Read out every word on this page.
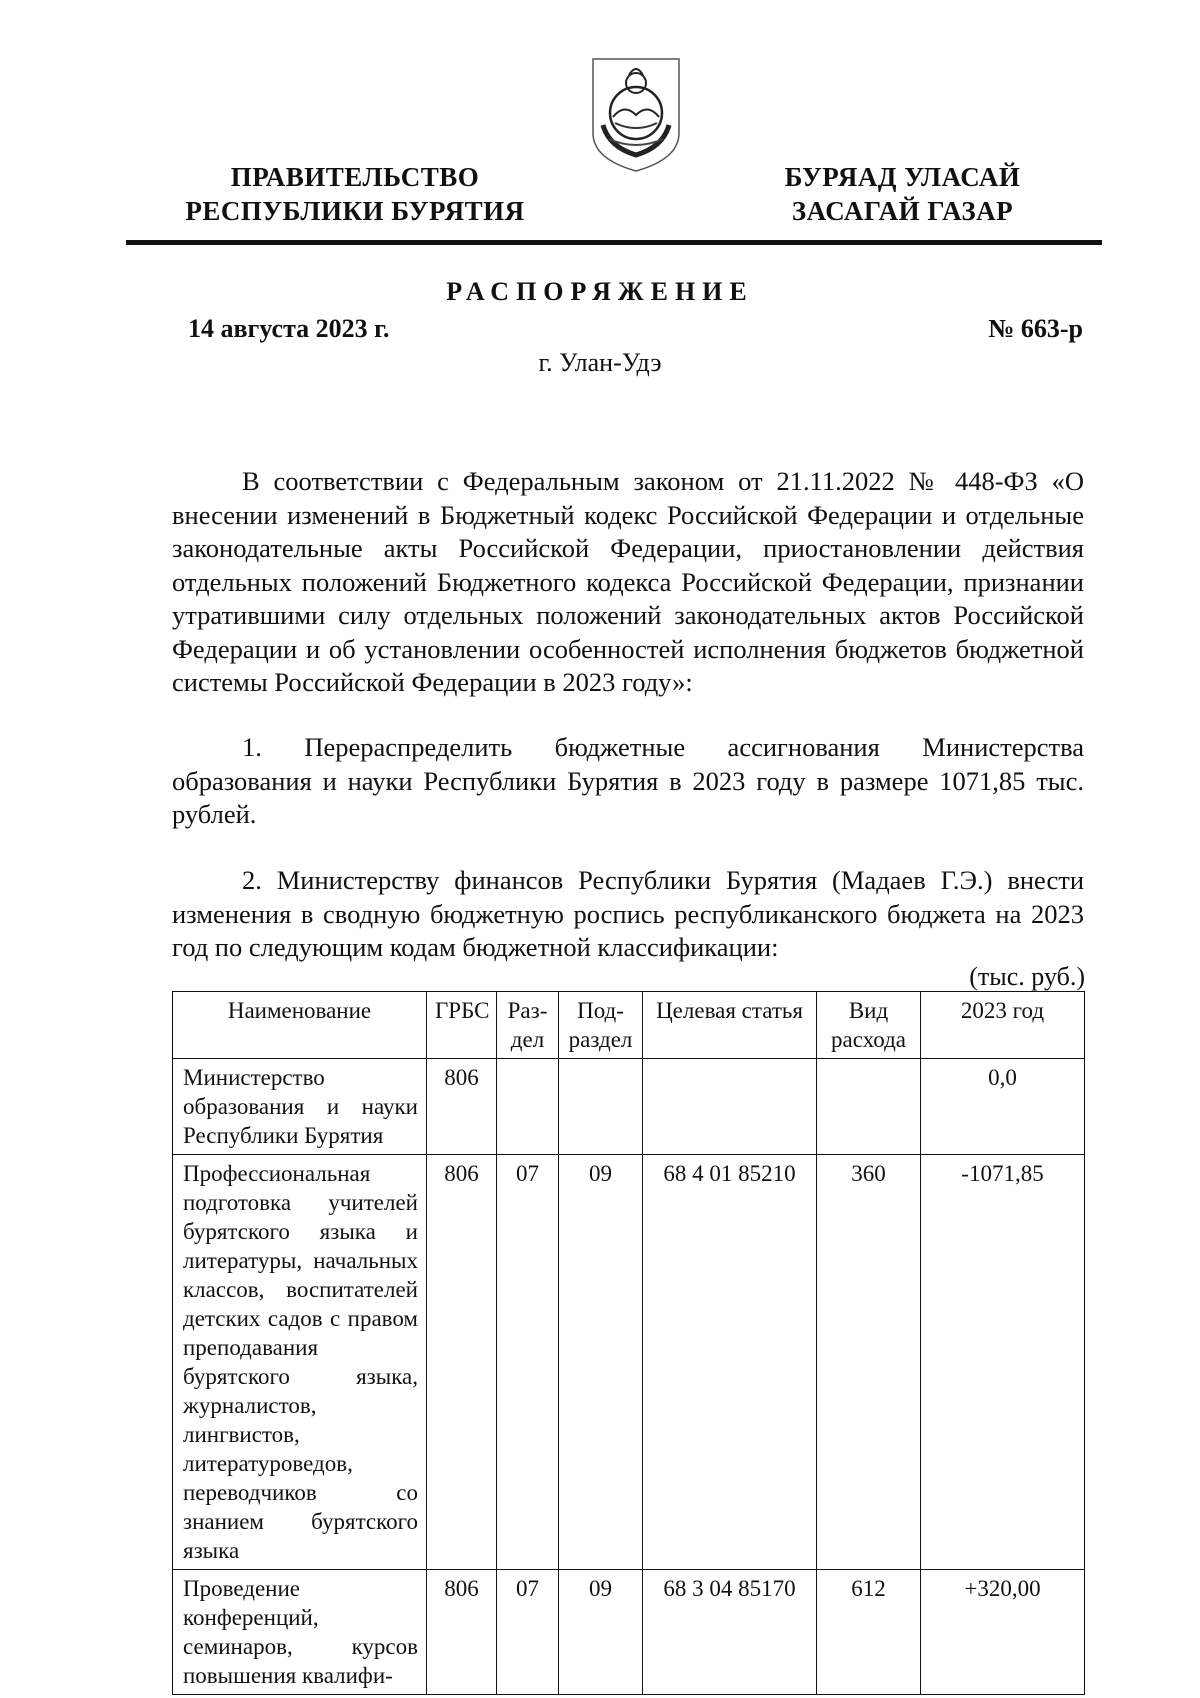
ПРАВИТЕЛЬСТВО
РЕСПУБЛИКИ БУРЯТИЯ
БУРЯАД УЛАСАЙ
ЗАСАГАЙ ГАЗАР
РАСПОРЯЖЕНИЕ
14 августа 2023 г.	№ 663-р
г. Улан-Удэ

В соответствии с Федеральным законом от 21.11.2022 № 448-ФЗ «О внесении изменений в Бюджетный кодекс Российской Федерации и отдельные законодательные акты Российской Федерации, приостановлении действия отдельных положений Бюджетного кодекса Российской Федерации, признании утратившими силу отдельных положений законодательных актов Российской Федерации и об установлении особенностей исполнения бюджетов бюджетной системы Российской Федерации в 2023 году»:

1. Перераспределить бюджетные ассигнования Министерства образования и науки Республики Бурятия в 2023 году в размере 1071,85 тыс. рублей.

2. Министерству финансов Республики Бурятия (Мадаев Г.Э.) внести изменения в сводную бюджетную роспись республиканского бюджета на 2023 год по следующим кодам бюджетной классификации:

(тыс. руб.)
Наименование	ГРБС	Раз-дел	Под-раздел	Целевая статья	Вид расхода	2023 год
Министерство образования и науки Республики Бурятия	806					0,0
Профессиональная подготовка учителей бурятского языка и литературы, начальных классов, воспитателей детских садов с правом преподавания бурятского языка, журналистов, лингвистов, литературоведов, переводчиков со знанием бурятского языка	806	07	09	68 4 01 85210	360	-1071,85
Проведение конференций, семинаров, курсов повышения квалифи-	806	07	09	68 3 04 85170	612	+320,00
